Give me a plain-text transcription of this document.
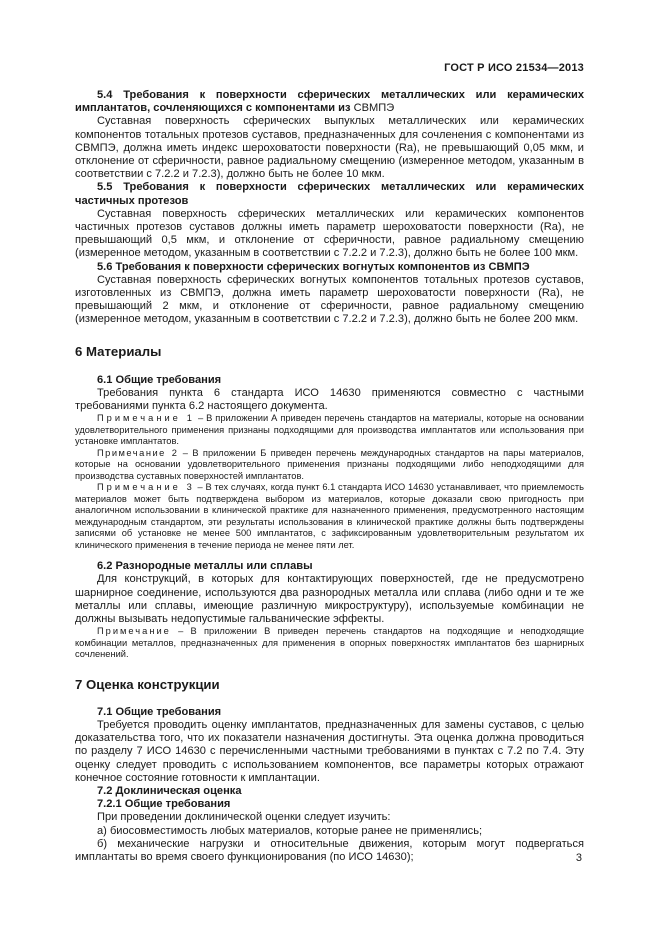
ГОСТ Р ИСО 21534—2013

5.4 Требования к поверхности сферических металлических или керамических имплантатов, сочленяющихся с компонентами из СВМПЭ

Суставная поверхность сферических выпуклых металлических или керамических компонентов тотальных протезов суставов, предназначенных для сочленения с компонентами из СВМПЭ, должна иметь индекс шероховатости поверхности (Ra), не превышающий 0,05 мкм, и отклонение от сферичности, равное радиальному смещению (измеренное методом, указанным в соответствии с 7.2.2 и 7.2.3), должно быть не более 10 мкм.

5.5 Требования к поверхности сферических металлических или керамических частичных протезов

Суставная поверхность сферических металлических или керамических компонентов частичных протезов суставов должны иметь параметр шероховатости поверхности (Ra), не превышающий 0,5 мкм, и отклонение от сферичности, равное радиальному смещению (измеренное методом, указанным в соответствии с 7.2.2 и 7.2.3), должно быть не более 100 мкм.

5.6 Требования к поверхности сферических вогнутых компонентов из СВМПЭ

Суставная поверхность сферических вогнутых компонентов тотальных протезов суставов, изготовленных из СВМПЭ, должна иметь параметр шероховатости поверхности (Ra), не превышающий 2 мкм, и отклонение от сферичности, равное радиальному смещению (измеренное методом, указанным в соответствии с 7.2.2 и 7.2.3), должно быть не более 200 мкм.

6 Материалы

6.1 Общие требования

Требования пункта 6 стандарта ИСО 14630 применяются совместно с частными требованиями пункта 6.2 настоящего документа.

Примечание 1 – В приложении А приведен перечень стандартов на материалы, которые на основании удовлетворительного применения признаны подходящими для производства имплантатов или использования при установке имплантатов.

Примечание 2 – В приложении Б приведен перечень международных стандартов на пары материалов, которые на основании удовлетворительного применения признаны подходящими либо неподходящими для производства суставных поверхностей имплантатов.

Примечание 3 – В тех случаях, когда пункт 6.1 стандарта ИСО 14630 устанавливает, что приемлемость материалов может быть подтверждена выбором из материалов, которые доказали свою пригодность при аналогичном использовании в клинической практике для назначенного применения, предусмотренного настоящим международным стандартом, эти результаты использования в клинической практике должны быть подтверждены записями об установке не менее 500 имплантатов, с зафиксированным удовлетворительным результатом их клинического применения в течение периода не менее пяти лет.

6.2 Разнородные металлы или сплавы

Для конструкций, в которых для контактирующих поверхностей, где не предусмотрено шарнирное соединение, используются два разнородных металла или сплава (либо одни и те же металлы или сплавы, имеющие различную микроструктуру), используемые комбинации не должны вызывать недопустимые гальванические эффекты.

Примечание – В приложении В приведен перечень стандартов на подходящие и неподходящие комбинации металлов, предназначенных для применения в опорных поверхностях имплантатов без шарнирных сочленений.

7 Оценка конструкции

7.1 Общие требования

Требуется проводить оценку имплантатов, предназначенных для замены суставов, с целью доказательства того, что их показатели назначения достигнуты. Эта оценка должна проводиться по разделу 7 ИСО 14630 с перечисленными частными требованиями в пунктах с 7.2 по 7.4. Эту оценку следует проводить с использованием компонентов, все параметры которых отражают конечное состояние готовности к имплантации.

7.2 Доклиническая оценка

7.2.1 Общие требования

При проведении доклинической оценки следует изучить:

а) биосовместимость любых материалов, которые ранее не применялись;

б) механические нагрузки и относительные движения, которым могут подвергаться имплантаты во время своего функционирования (по ИСО 14630);	3
